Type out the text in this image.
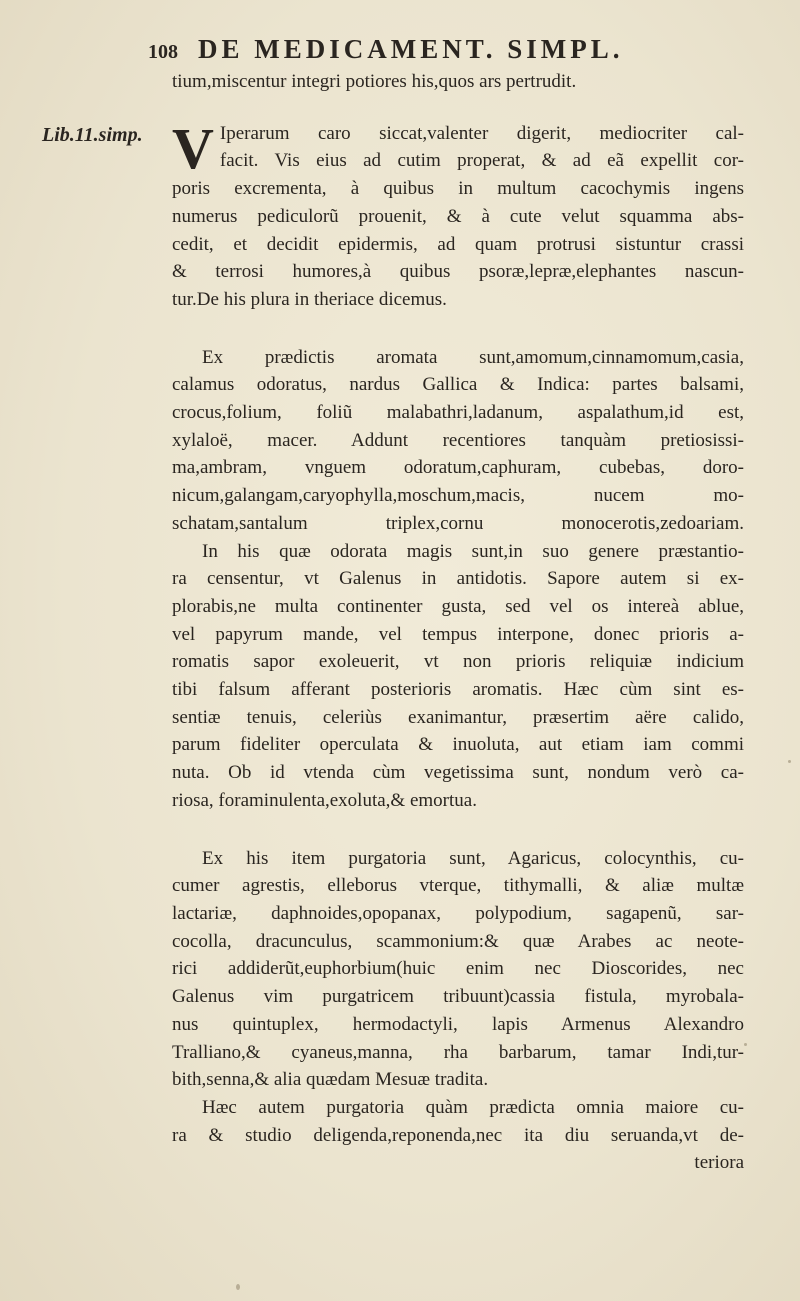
108 DE MEDICAMENT. SIMPL.
Lib.11.simp.
tium,miscentur integri potiores his,quos ars pertrudit.
V Iperarum caro siccat,valenter digerit, mediocriter cal-
facit. Vis eius ad cutim properat, & ad eã expellit cor-
poris excrementa, à quibus in multum cacochymis ingens
numerus pediculorũ prouenit, & à cute velut squamma abs-
cedit, et decidit epidermis, ad quam protrusi sistuntur crassi
& terrosi humores,à quibus psoræ,lepræ,elephantes nascun-
tur.De his plura in theriace dicemus.
Ex prædictis aromata sunt,amomum,cinnamomum,casia,
calamus odoratus, nardus Gallica & Indica: partes balsami,
crocus,folium, foliũ malabathri,ladanum, aspalathum,id est,
xylaloë, macer. Addunt recentiores tanquàm pretiosissi-
ma,ambram, vnguem odoratum,caphuram, cubebas, doro-
nicum,galangam,caryophylla,moschum,macis, nucem mo-
schatam,santalum triplex,cornu monocerotis,zedoariam.
In his quæ odorata magis sunt,in suo genere præstantio-
ra censentur, vt Galenus in antidotis. Sapore autem si ex-
plorabis,ne multa continenter gusta, sed vel os intereà ablue,
vel papyrum mande, vel tempus interpone, donec prioris a-
romatis sapor exoleuerit, vt non prioris reliquiæ indicium
tibi falsum afferant posterioris aromatis. Hæc cùm sint es-
sentiæ tenuis, celeriùs exanimantur, præsertim aëre calido,
parum fideliter operculata & inuoluta, aut etiam iam commi
nuta. Ob id vtenda cùm vegetissima sunt, nondum verò ca-
riosa, foraminulenta,exoluta,& emortua.
Ex his item purgatoria sunt, Agaricus, colocynthis, cu-
cumer agrestis, elleborus vterque, tithymalli, & aliæ multæ
lactariæ, daphnoides,opopanax, polypodium, sagapenũ, sar-
cocolla, dracunculus, scammonium:& quæ Arabes ac neote-
rici addiderũt,euphorbium(huic enim nec Dioscorides, nec
Galenus vim purgatricem tribuunt)cassia fistula, myrobala-
nus quintuplex, hermodactyli, lapis Armenus Alexandro
Tralliano,& cyaneus,manna, rha barbarum, tamar Indi,tur-
bith,senna,& alia quædam Mesuæ tradita.
Hæc autem purgatoria quàm prædicta omnia maiore cu-
ra & studio deligenda,reponenda,nec ita diu seruanda,vt de-
teriora
